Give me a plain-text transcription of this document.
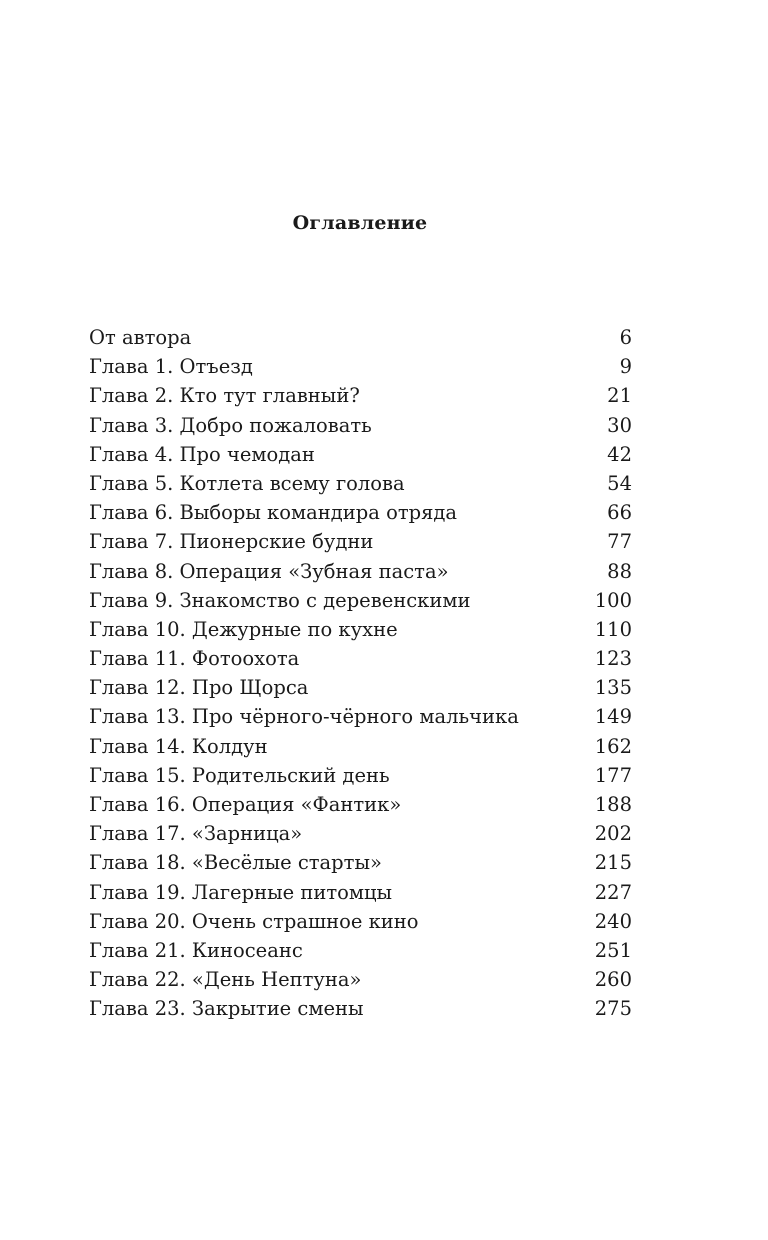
Оглавление
От автора	6
Глава 1. Отъезд	9
Глава 2. Кто тут главный?	21
Глава 3. Добро пожаловать	30
Глава 4. Про чемодан	42
Глава 5. Котлета всему голова	54
Глава 6. Выборы командира отряда	66
Глава 7. Пионерские будни	77
Глава 8. Операция «Зубная паста»	88
Глава 9. Знакомство с деревенскими	100
Глава 10. Дежурные по кухне	110
Глава 11. Фотоохота	123
Глава 12. Про Щорса	135
Глава 13. Про чёрного-чёрного мальчика	149
Глава 14. Колдун	162
Глава 15. Родительский день	177
Глава 16. Операция «Фантик»	188
Глава 17. «Зарница»	202
Глава 18. «Весёлые старты»	215
Глава 19. Лагерные питомцы	227
Глава 20. Очень страшное кино	240
Глава 21. Киносеанс	251
Глава 22. «День Нептуна»	260
Глава 23. Закрытие смены	275
